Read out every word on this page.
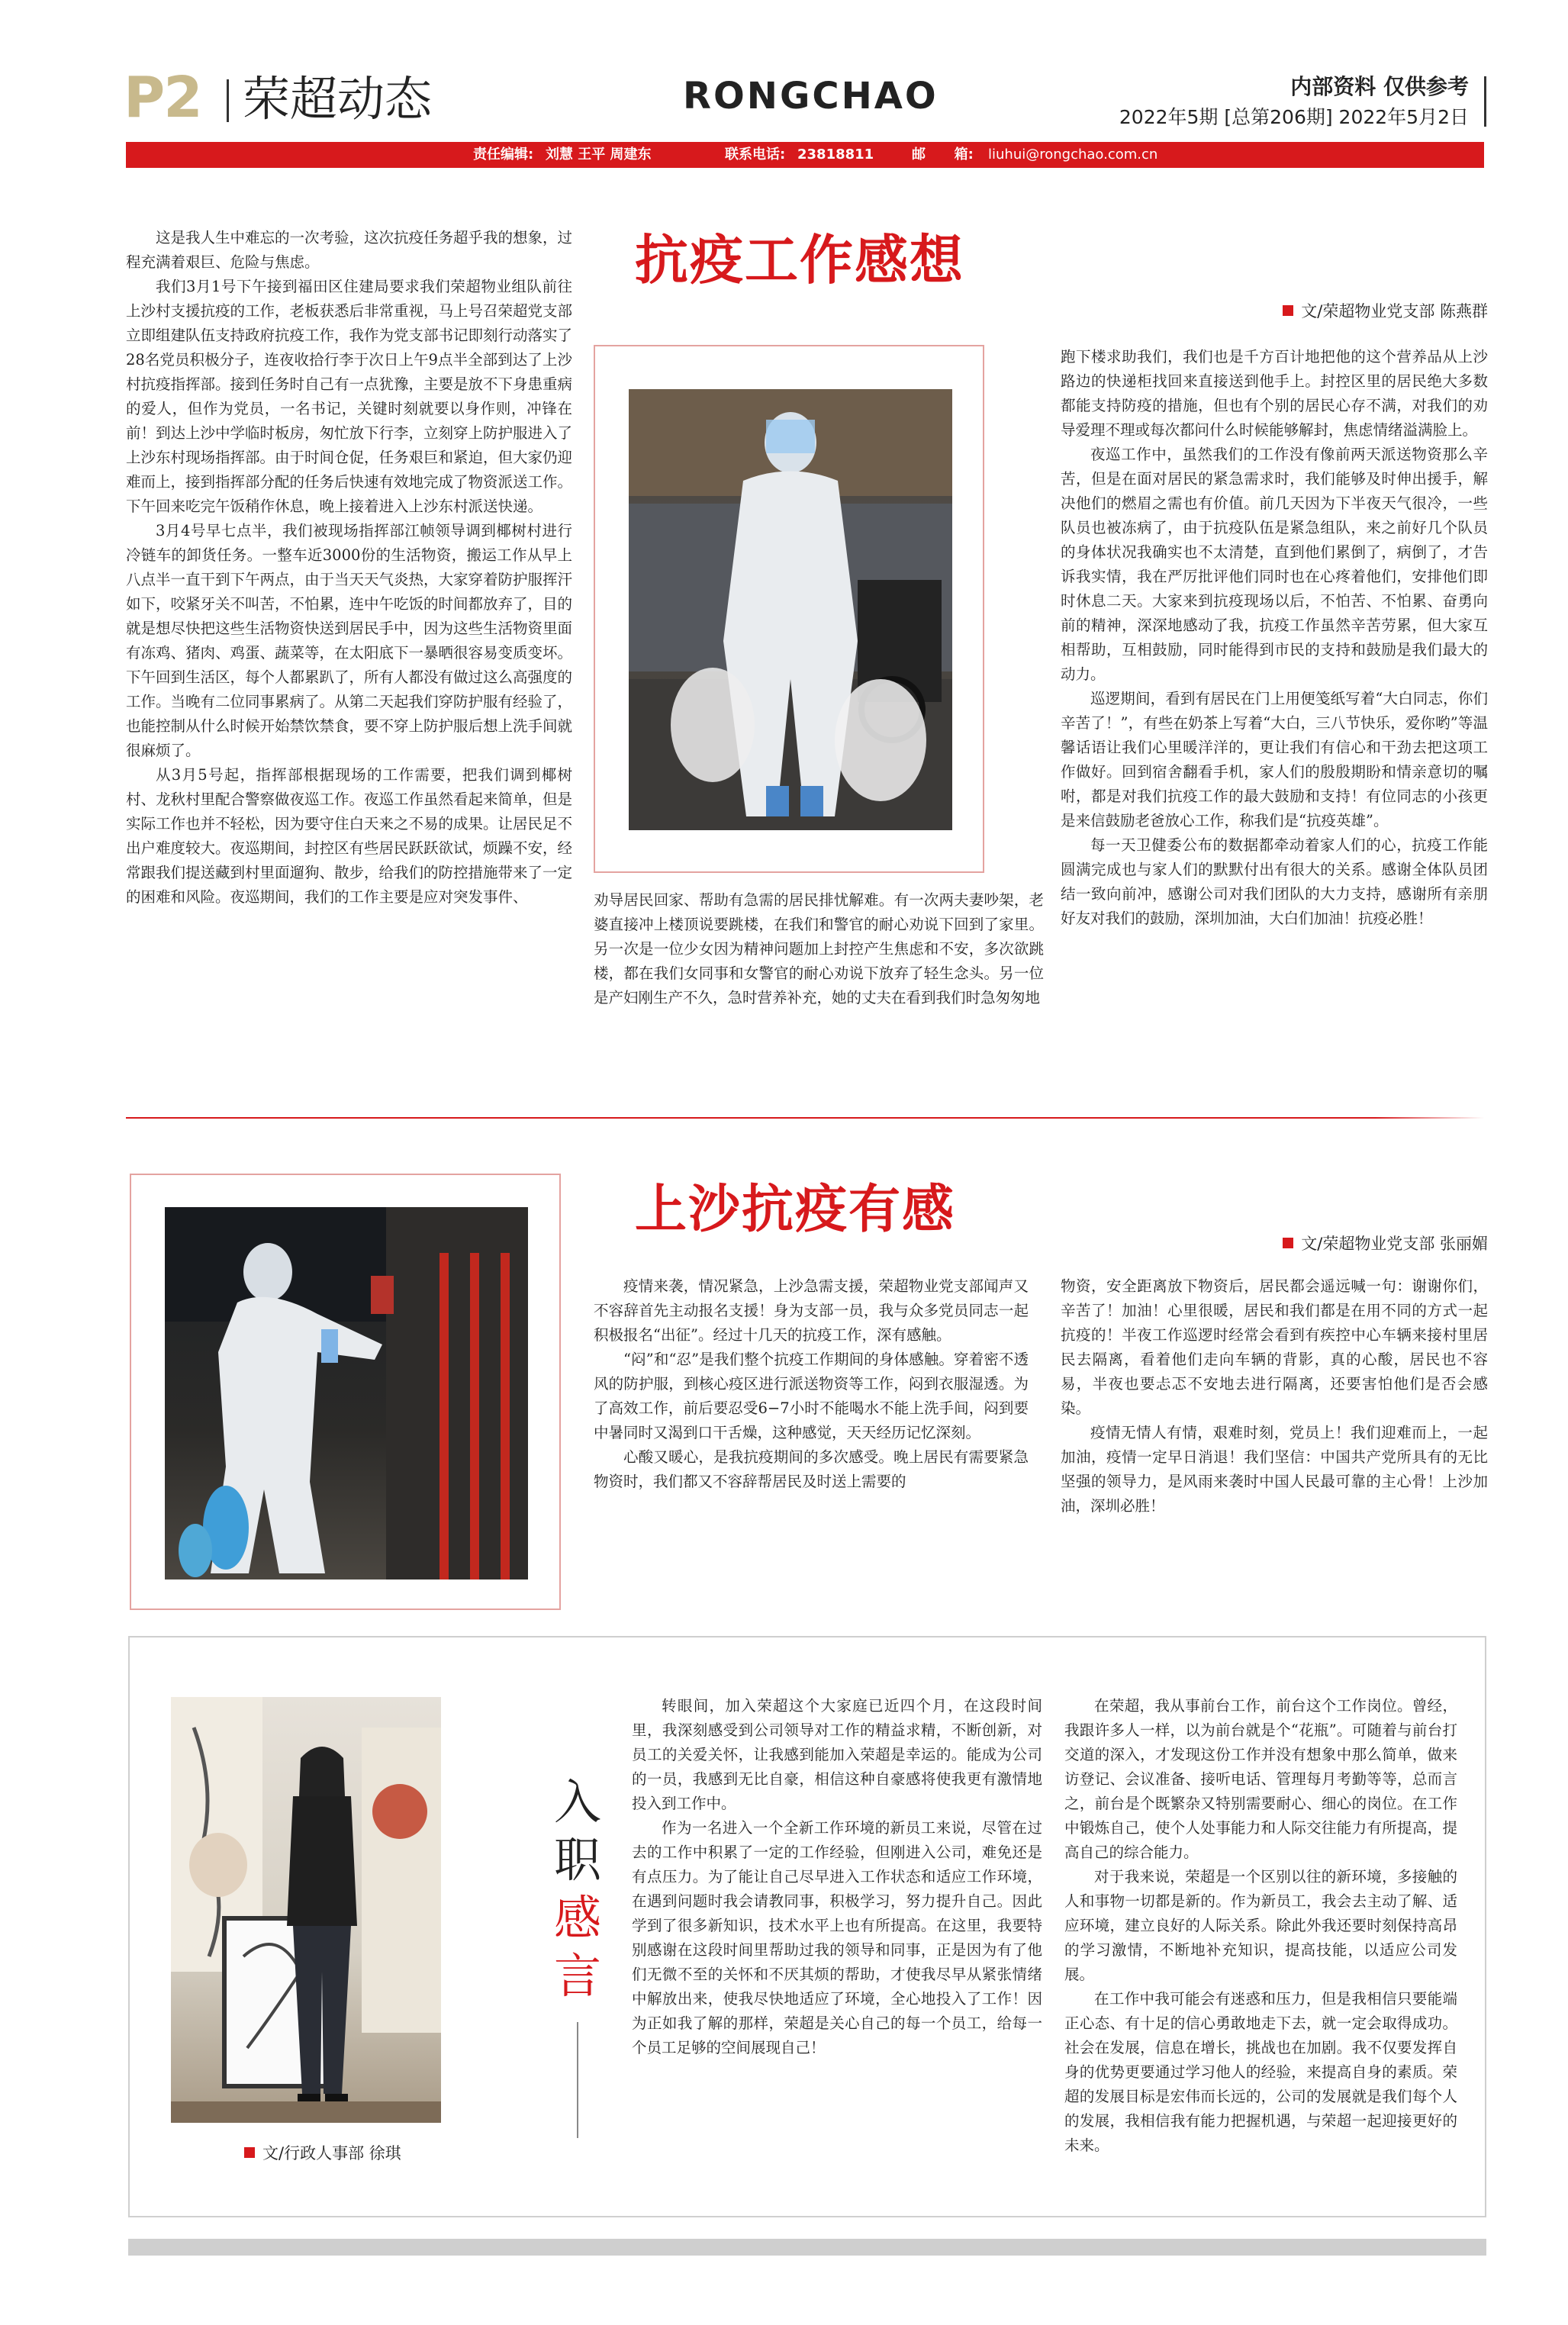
P2 荣超动态	RONGCHAO	内部资料 仅供参考
2022年5期 [总第206期] 2022年5月2日
责任编辑: 刘慧 王平 周建东	联系电话: 23818811	邮      箱: liuhui@rongchao.com.cn
抗疫工作感想
文/荣超物业党支部 陈燕群

这是我人生中难忘的一次考验，这次抗疫任务超乎我的想象，过程充满着艰巨、危险与焦虑。

我们3月1号下午接到福田区住建局要求我们荣超物业组队前往上沙村支援抗疫的工作，老板获悉后非常重视，马上号召荣超党支部立即组建队伍支持政府抗疫工作，我作为党支部书记即刻行动落实了28名党员积极分子，连夜收拾行李于次日上午9点半全部到达了上沙村抗疫指挥部。接到任务时自己有一点犹豫，主要是放不下身患重病的爱人，但作为党员，一名书记，关键时刻就要以身作则，冲锋在前！到达上沙中学临时板房，匆忙放下行李，立刻穿上防护服进入了上沙东村现场指挥部。由于时间仓促，任务艰巨和紧迫，但大家仍迎难而上，接到指挥部分配的任务后快速有效地完成了物资派送工作。下午回来吃完午饭稍作休息，晚上接着进入上沙东村派送快递。

3月4号早七点半，我们被现场指挥部江帧领导调到椰树村进行冷链车的卸货任务。一整车近3000份的生活物资，搬运工作从早上八点半一直干到下午两点，由于当天天气炎热，大家穿着防护服挥汗如下，咬紧牙关不叫苦，不怕累，连中午吃饭的时间都放弃了，目的就是想尽快把这些生活物资快送到居民手中，因为这些生活物资里面有冻鸡、猪肉、鸡蛋、蔬菜等，在太阳底下一暴晒很容易变质变坏。下午回到生活区，每个人都累趴了，所有人都没有做过这么高强度的工作。当晚有二位同事累病了。从第二天起我们穿防护服有经验了，也能控制从什么时候开始禁饮禁食，要不穿上防护服后想上洗手间就很麻烦了。

从3月5号起，指挥部根据现场的工作需要，把我们调到椰树村、龙秋村里配合警察做夜巡工作。夜巡工作虽然看起来简单，但是实际工作也并不轻松，因为要守住白天来之不易的成果。让居民足不出户难度较大。夜巡期间，封控区有些居民跃跃欲试，烦躁不安，经常跟我们提送藏到村里面遛狗、散步，给我们的防控措施带来了一定的困难和风险。夜巡期间，我们的工作主要是应对突发事件、	劝导居民回家、帮助有急需的居民排忧解难。有一次两夫妻吵架，老婆直接冲上楼顶说要跳楼，在我们和警官的耐心劝说下回到了家里。另一次是一位少女因为精神问题加上封控产生焦虑和不安，多次欲跳楼，都在我们女同事和女警官的耐心劝说下放弃了轻生念头。另一位是产妇刚生产不久，急时营养补充，她的丈夫在看到我们时急匆匆地

跑下楼求助我们，我们也是千方百计地把他的这个营养品从上沙路边的快递柜找回来直接送到他手上。封控区里的居民绝大多数都能支持防疫的措施，但也有个别的居民心存不满，对我们的劝导爱理不理或每次都问什么时候能够解封，焦虑情绪溢满脸上。

夜巡工作中，虽然我们的工作没有像前两天派送物资那么辛苦，但是在面对居民的紧急需求时，我们能够及时伸出援手，解决他们的燃眉之需也有价值。前几天因为下半夜天气很冷，一些队员也被冻病了，由于抗疫队伍是紧急组队，来之前好几个队员的身体状况我确实也不太清楚，直到他们累倒了，病倒了，才告诉我实情，我在严厉批评他们同时也在心疼着他们，安排他们即时休息二天。大家来到抗疫现场以后，不怕苦、不怕累、奋勇向前的精神，深深地感动了我，抗疫工作虽然辛苦劳累，但大家互相帮助，互相鼓励，同时能得到市民的支持和鼓励是我们最大的动力。

巡逻期间，看到有居民在门上用便笺纸写着“大白同志，你们辛苦了！”，有些在奶茶上写着“大白，三八节快乐，爱你哟”等温馨话语让我们心里暖洋洋的，更让我们有信心和干劲去把这项工作做好。回到宿舍翻看手机，家人们的殷殷期盼和情亲意切的嘱咐，都是对我们抗疫工作的最大鼓励和支持！有位同志的小孩更是来信鼓励老爸放心工作，称我们是“抗疫英雄”。

每一天卫健委公布的数据都牵动着家人们的心，抗疫工作能圆满完成也与家人们的默默付出有很大的关系。感谢全体队员团结一致向前冲，感谢公司对我们团队的大力支持，感谢所有亲朋好友对我们的鼓励，深圳加油，大白们加油！抗疫必胜！

上沙抗疫有感
文/荣超物业党支部 张丽媚

疫情来袭，情况紧急，上沙急需支援，荣超物业党支部闻声又不容辞首先主动报名支援！身为支部一员，我与众多党员同志一起积极报名“出征”。经过十几天的抗疫工作，深有感触。

“闷”和“忍”是我们整个抗疫工作期间的身体感触。穿着密不透风的防护服，到核心疫区进行派送物资等工作，闷到衣服湿透。为了高效工作，前后要忍受6−7小时不能喝水不能上洗手间，闷到要中暑同时又渴到口干舌燥，这种感觉，天天经历记忆深刻。

心酸又暖心，是我抗疫期间的多次感受。晚上居民有需要紧急物资时，我们都又不容辞帮居民及时送上需要的

物资，安全距离放下物资后，居民都会遥远喊一句：谢谢你们，辛苦了！加油！心里很暖，居民和我们都是在用不同的方式一起抗疫的！半夜工作巡逻时经常会看到有疾控中心车辆来接村里居民去隔离，看着他们走向车辆的背影，真的心酸，居民也不容易，半夜也要忐忑不安地去进行隔离，还要害怕他们是否会感染。

疫情无情人有情，艰难时刻，党员上！我们迎难而上，一起加油，疫情一定早日消退！我们坚信：中国共产党所具有的无比坚强的领导力，是风雨来袭时中国人民最可靠的主心骨！上沙加油，深圳必胜！

文/行政人事部 徐琪
入
职
感
言

转眼间，加入荣超这个大家庭已近四个月，在这段时间里，我深刻感受到公司领导对工作的精益求精，不断创新，对员工的关爱关怀，让我感到能加入荣超是幸运的。能成为公司的一员，我感到无比自豪，相信这种自豪感将使我更有激情地投入到工作中。

作为一名进入一个全新工作环境的新员工来说，尽管在过去的工作中积累了一定的工作经验，但刚进入公司，难免还是有点压力。为了能让自己尽早进入工作状态和适应工作环境，在遇到问题时我会请教同事，积极学习，努力提升自己。因此学到了很多新知识，技术水平上也有所提高。在这里，我要特别感谢在这段时间里帮助过我的领导和同事，正是因为有了他们无微不至的关怀和不厌其烦的帮助，才使我尽早从紧张情绪中解放出来，使我尽快地适应了环境，全心地投入了工作！因为正如我了解的那样，荣超是关心自己的每一个员工，给每一个员工足够的空间展现自己！

在荣超，我从事前台工作，前台这个工作岗位。曾经，我跟许多人一样，以为前台就是个“花瓶”。可随着与前台打交道的深入，才发现这份工作并没有想象中那么简单，做来访登记、会议准备、接听电话、管理每月考勤等等，总而言之，前台是个既繁杂又特别需要耐心、细心的岗位。在工作中锻炼自己，使个人处事能力和人际交往能力有所提高，提高自己的综合能力。

对于我来说，荣超是一个区别以往的新环境，多接触的人和事物一切都是新的。作为新员工，我会去主动了解、适应环境，建立良好的人际关系。除此外我还要时刻保持高昂的学习激情，不断地补充知识，提高技能，以适应公司发展。

在工作中我可能会有迷惑和压力，但是我相信只要能端正心态、有十足的信心勇敢地走下去，就一定会取得成功。社会在发展，信息在增长，挑战也在加剧。我不仅要发挥自身的优势更要通过学习他人的经验，来提高自身的素质。荣超的发展目标是宏伟而长远的，公司的发展就是我们每个人的发展，我相信我有能力把握机遇，与荣超一起迎接更好的未来。
